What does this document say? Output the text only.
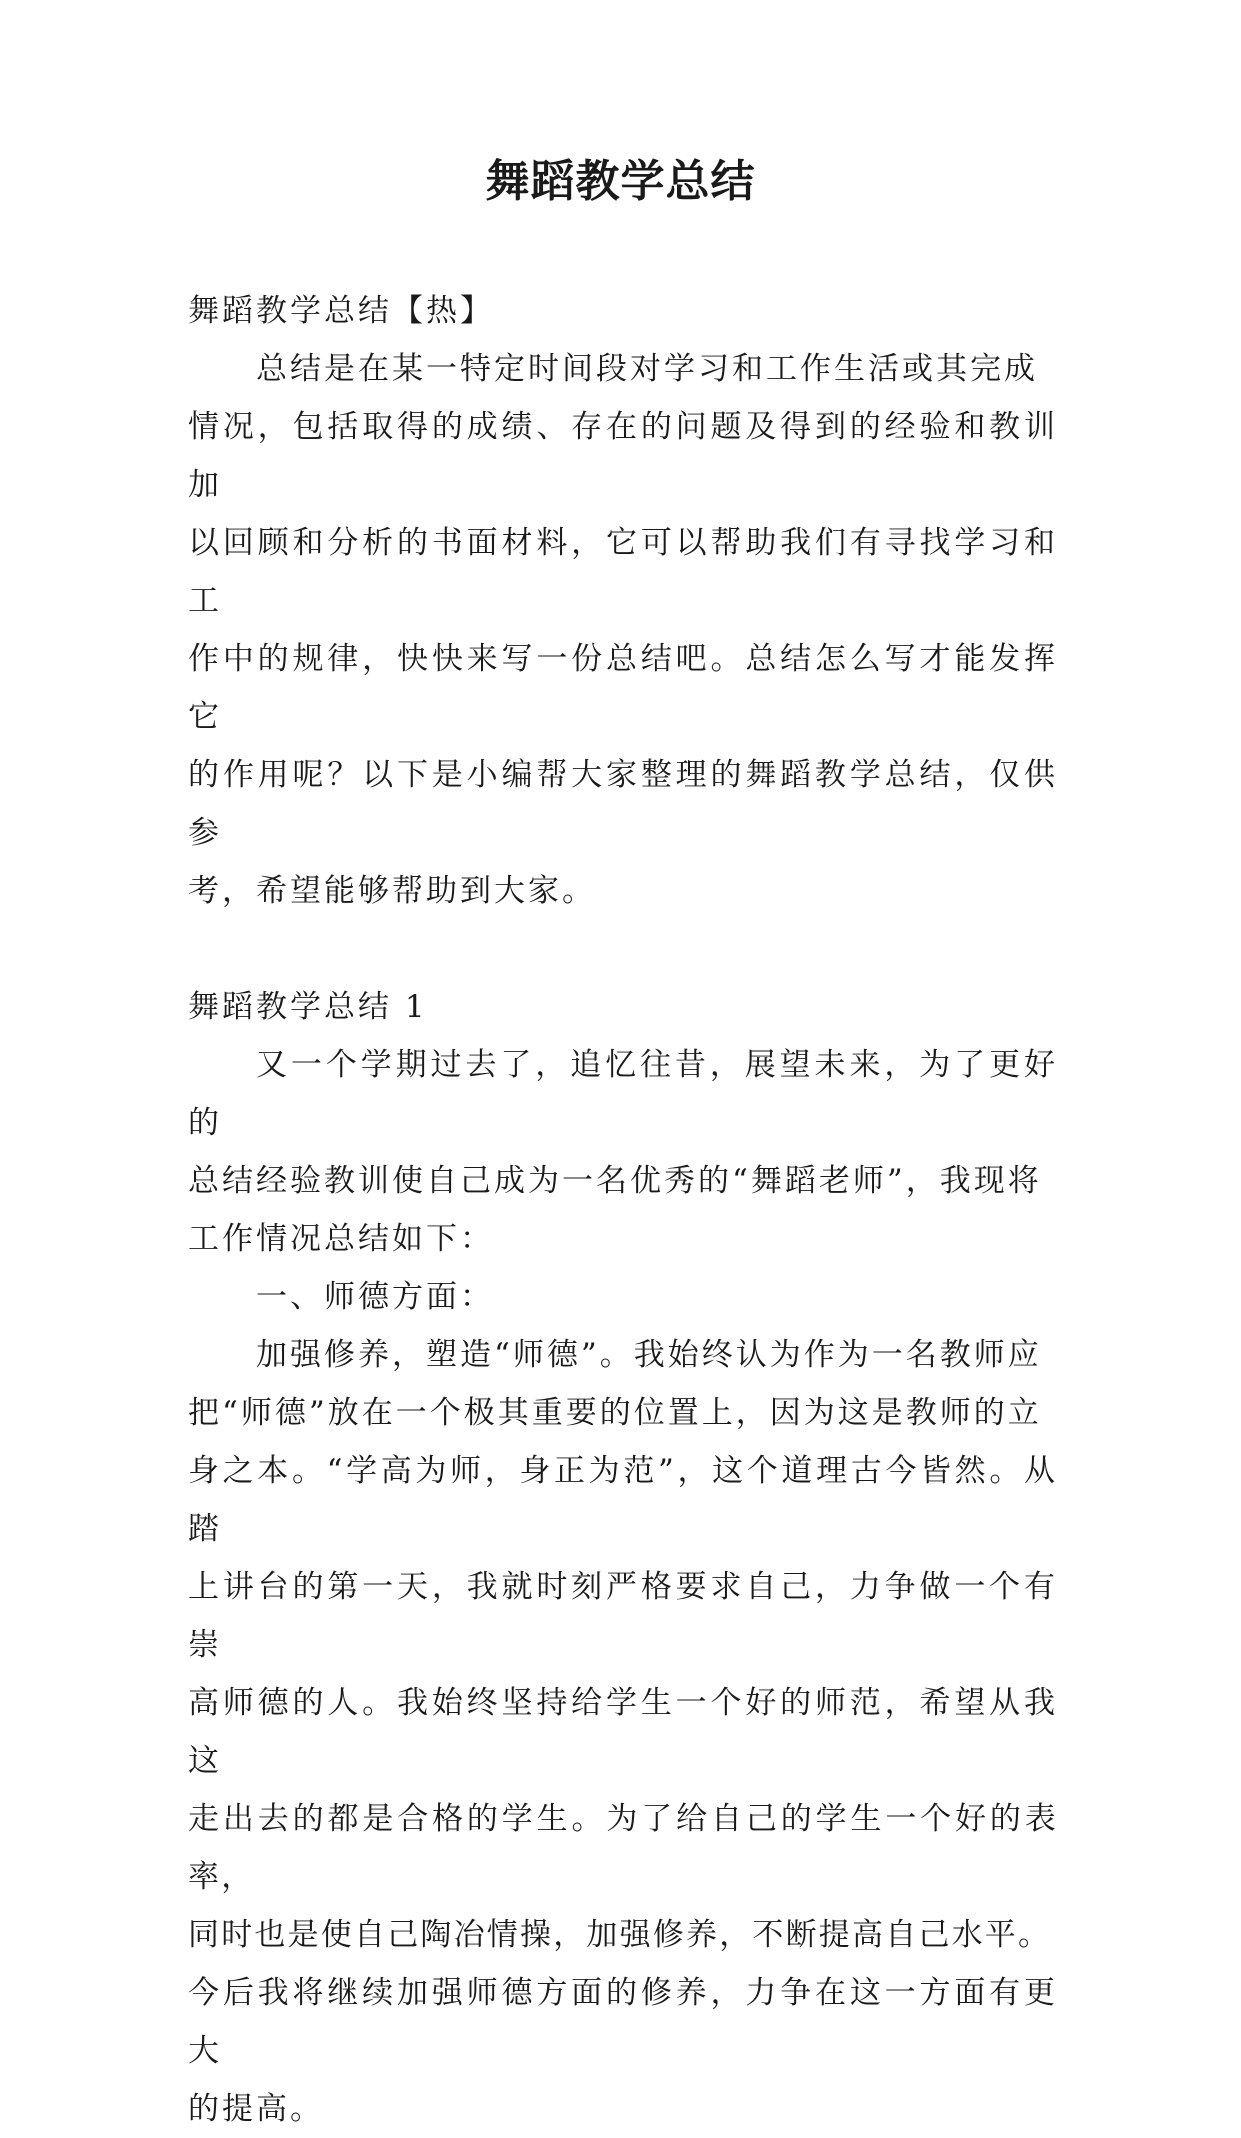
舞蹈教学总结

舞蹈教学总结【热】

总结是在某一特定时间段对学习和工作生活或其完成

情况，包括取得的成绩、存在的问题及得到的经验和教训加

以回顾和分析的书面材料，它可以帮助我们有寻找学习和工

作中的规律，快快来写一份总结吧。总结怎么写才能发挥它

的作用呢？以下是小编帮大家整理的舞蹈教学总结，仅供参

考，希望能够帮助到大家。

舞蹈教学总结 1

又一个学期过去了，追忆往昔，展望未来，为了更好的

总结经验教训使自己成为一名优秀的“舞蹈老师”，我现将

工作情况总结如下：

一、师德方面：

加强修养，塑造“师德”。我始终认为作为一名教师应

把“师德”放在一个极其重要的位置上，因为这是教师的立

身之本。“学高为师，身正为范”，这个道理古今皆然。从踏

上讲台的第一天，我就时刻严格要求自己，力争做一个有崇

高师德的人。我始终坚持给学生一个好的师范，希望从我这

走出去的都是合格的学生。为了给自己的学生一个好的表率，

同时也是使自己陶冶情操，加强修养，不断提高自己水平。

今后我将继续加强师德方面的修养，力争在这一方面有更大

的提高。
